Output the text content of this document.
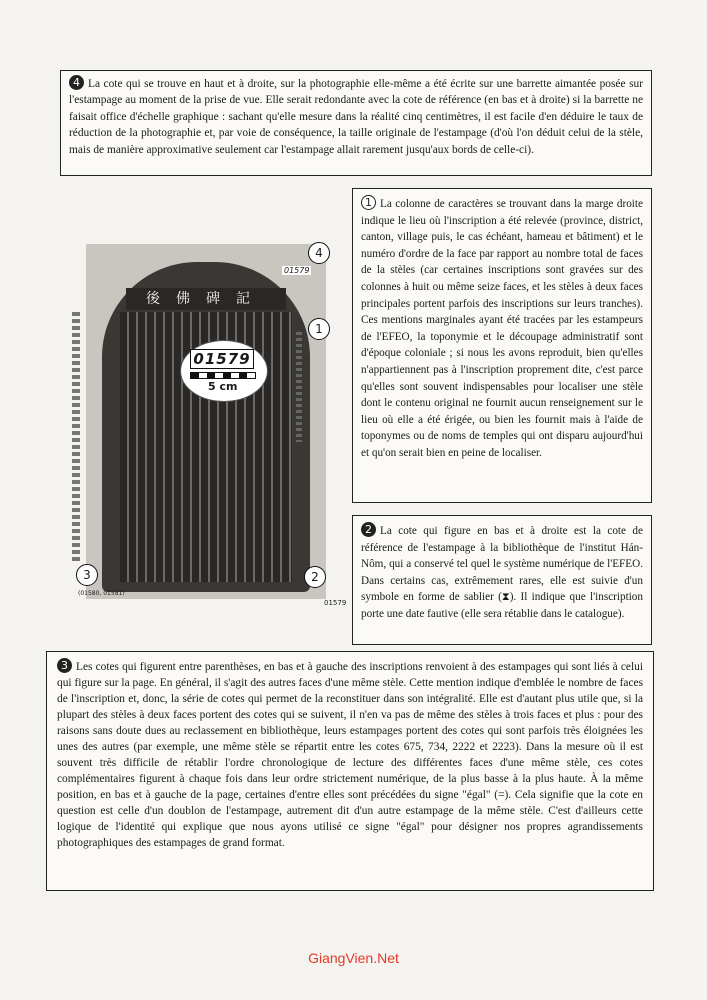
4 La cote qui se trouve en haut et à droite, sur la photographie elle-même a été écrite sur une barrette aimantée posée sur l'estampage au moment de la prise de vue. Elle serait redondante avec la cote de référence (en bas et à droite) si la barrette ne faisait office d'échelle graphique : sachant qu'elle mesure dans la réalité cinq centimètres, il est facile d'en déduire le taux de réduction de la photographie et, par voie de conséquence, la taille originale de l'estampage (d'où l'on déduit celui de la stèle, mais de manière approximative seulement car l'estampage allait rarement jusqu'aux bords de celle-ci).

後佛碑記
01579
01579
5 cm
4
1
3	2
(01580, 01581)
01579

1 La colonne de caractères se trouvant dans la marge droite indique le lieu où l'inscription a été relevée (province, district, canton, village puis, le cas échéant, hameau et bâtiment) et le numéro d'ordre de la face par rapport au nombre total de faces de la stèles (car certaines inscriptions sont gravées sur des colonnes à huit ou même seize faces, et les stèles à deux faces principales portent parfois des inscriptions sur leurs tranches). Ces mentions marginales ayant été tracées par les estampeurs de l'EFEO, la toponymie et le découpage administratif sont d'époque coloniale ; si nous les avons reproduit, bien qu'elles n'appartiennent pas à l'inscription proprement dite, c'est parce qu'elles sont souvent indispensables pour localiser une stèle dont le contenu original ne fournit aucun renseignement sur le lieu où elle a été érigée, ou bien les fournit mais à l'aide de toponymes ou de noms de temples qui ont disparu aujourd'hui et qu'on serait bien en peine de localiser.

2 La cote qui figure en bas et à droite est la cote de référence de l'estampage à la bibliothèque de l'institut Hán-Nôm, qui a conservé tel quel le système numérique de l'EFEO. Dans certains cas, extrêmement rares, elle est suivie d'un symbole en forme de sablier (⧗). Il indique que l'inscription porte une date fautive (elle sera rétablie dans le catalogue).

3 Les cotes qui figurent entre parenthèses, en bas et à gauche des inscriptions renvoient à des estampages qui sont liés à celui qui figure sur la page. En général, il s'agit des autres faces d'une même stèle. Cette mention indique d'emblée le nombre de faces de l'inscription et, donc, la série de cotes qui permet de la reconstituer dans son intégralité. Elle est d'autant plus utile que, si la plupart des stèles à deux faces portent des cotes qui se suivent, il n'en va pas de même des stèles à trois faces et plus : pour des raisons sans doute dues au reclassement en bibliothèque, leurs estampages portent des cotes qui sont parfois très éloignées les unes des autres (par exemple, une même stèle se répartit entre les cotes 675, 734, 2222 et 2223). Dans la mesure où il est souvent très difficile de rétablir l'ordre chronologique de lecture des différentes faces d'une même stèle, ces cotes complémentaires figurent à chaque fois dans leur ordre strictement numérique, de la plus basse à la plus haute. À la même position, en bas et à gauche de la page, certaines d'entre elles sont précédées du signe "égal" (=). Cela signifie que la cote en question est celle d'un doublon de l'estampage, autrement dit d'un autre estampage de la même stèle. C'est d'ailleurs cette logique de l'identité qui explique que nous ayons utilisé ce signe "égal" pour désigner nos propres agrandissements photographiques des estampages de grand format.

GiangVien.Net
